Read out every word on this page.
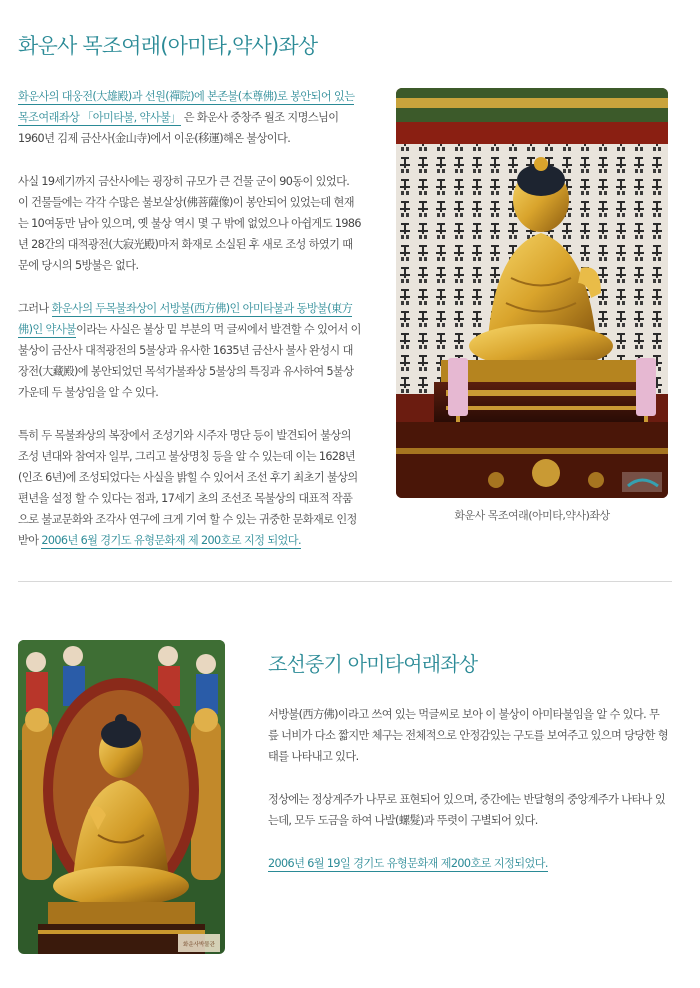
화운사 목조여래(아미타,약사)좌상

화운사의 대웅전(大雄殿)과 선원(禪院)에 본존불(本尊佛)로 봉안되어 있는 목조여래좌상 「아미타불, 약사불」 은 화운사 중창주 월조 지명스님이 1960년 김제 금산사(金山寺)에서 이운(移運)해온 불상이다.

사실 19세기까지 금산사에는 굉장히 규모가 큰 건물 군이 90동이 있었다. 이 건물들에는 각각 수많은 불보살상(佛菩薩像)이 봉안되어 있었는데 현재는 10여동만 남아 있으며, 옛 불상 역시 몇 구 밖에 없었으나 아쉽게도 1986년 28간의 대적광전(大寂光殿)마저 화재로 소실된 후 새로 조성 하였기 때문에 당시의 5방불은 없다.

그러나 화운사의 두목불좌상이 서방불(西方佛)인 아미타불과 동방불(東方佛)인 약사불이라는 사실은 불상 밑 부분의 먹 글씨에서 발견할 수 있어서 이 불상이 금산사 대적광전의 5불상과 유사한 1635년 금산사 불사 완성시 대장전(大藏殿)에 봉안되었던 목석가불좌상 5불상의 특징과 유사하여 5불상 가운데 두 불상임을 알 수 있다.

특히 두 목불좌상의 복장에서 조성기와 시주자 명단 등이 발견되어 불상의 조성 년대와 참여자 일부, 그리고 불상명칭 등을 알 수 있는데 이는 1628년(인조 6년)에 조성되었다는 사실을 밝힐 수 있어서 조선 후기 최초기 불상의 편년을 설정 할 수 있다는 점과, 17세기 초의 조선조 목불상의 대표적 작품으로 불교문화와 조각사 연구에 크게 기여 할 수 있는 귀중한 문화재로 인정받아 2006년 6월 경기도 유형문화재 제 200호로 지정 되었다.

화운사 목조여래(아미타,약사)좌상
화운사박물관
조선중기 아미타여래좌상

서방불(西方佛)이라고 쓰여 있는 먹글씨로 보아 이 불상이 아미타불임을 알 수 있다. 무릎 너비가 다소 짧지만 체구는 전체적으로 안정감있는 구도를 보여주고 있으며 당당한 형태를 나타내고 있다.

정상에는 정상계주가 나무로 표현되어 있으며, 중간에는 반달형의 중앙계주가 나타나 있는데, 모두 도금을 하여 나발(螺髮)과 뚜렷이 구별되어 있다.

2006년 6월 19일 경기도 유형문화재 제200호로 지정되었다.
